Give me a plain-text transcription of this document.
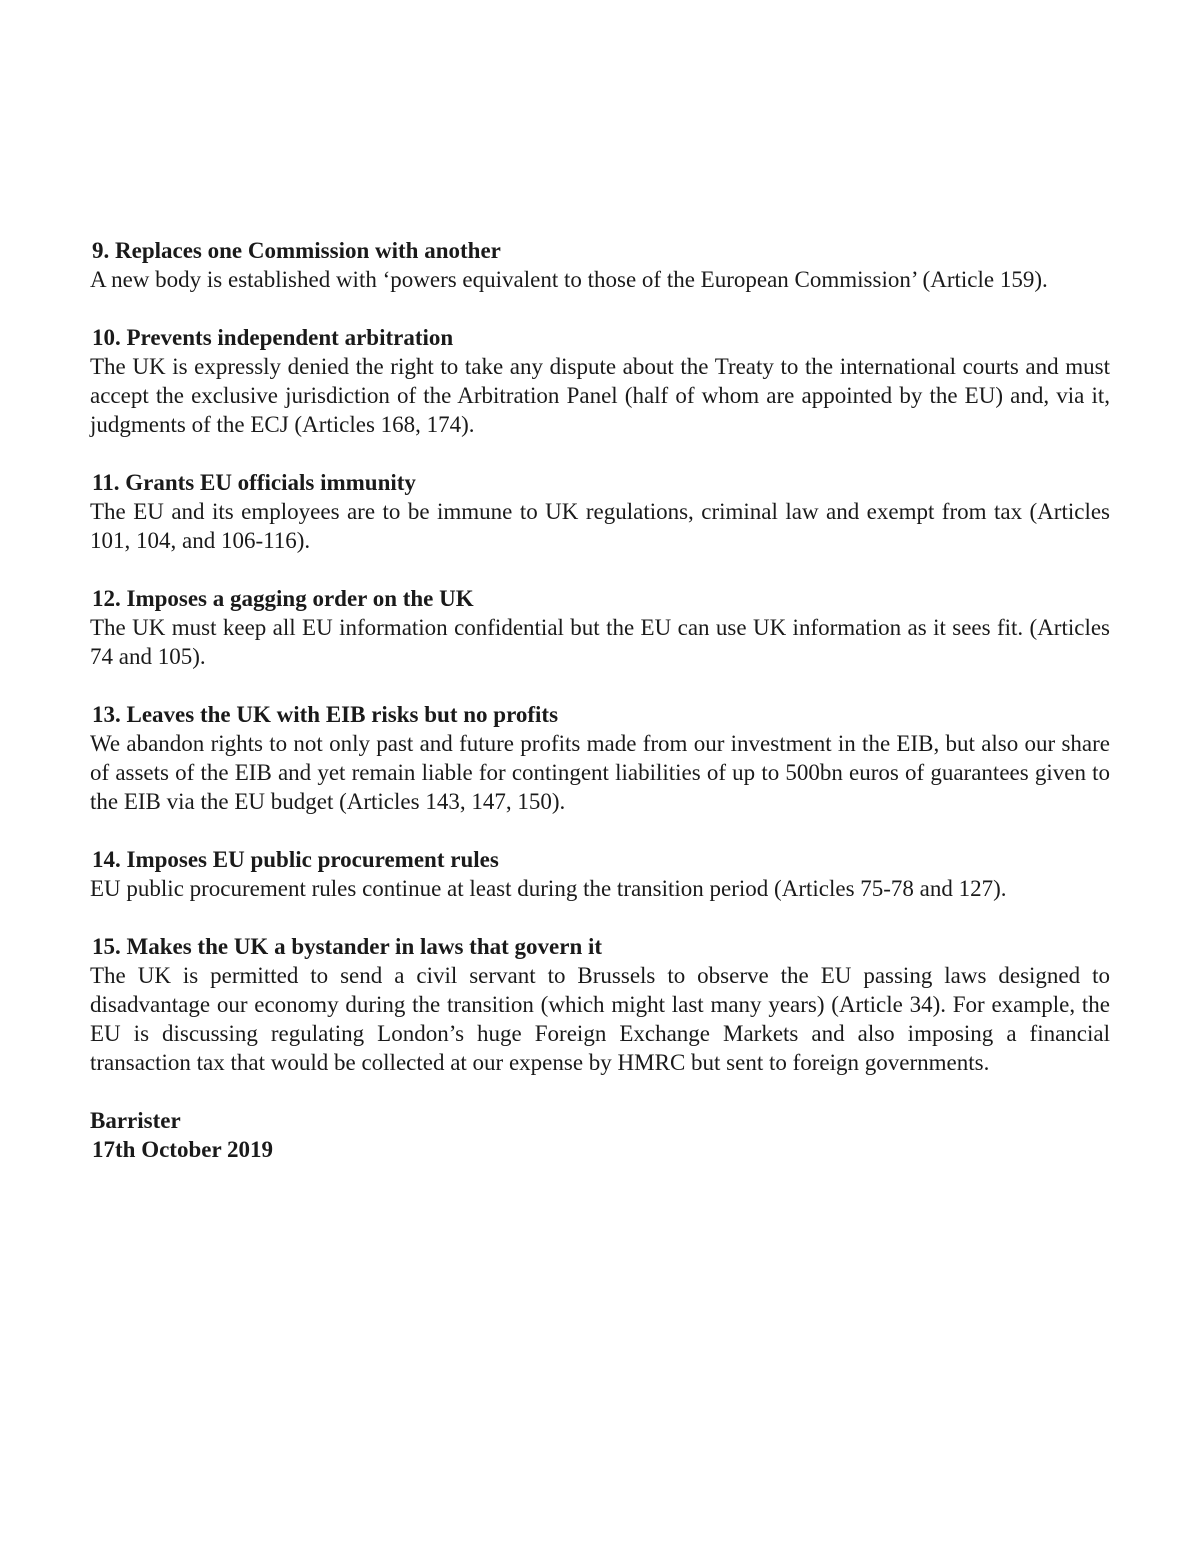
9. Replaces one Commission with another

A new body is established with ‘powers equivalent to those of the European Commission’ (Article 159).

10. Prevents independent arbitration

The UK is expressly denied the right to take any dispute about the Treaty to the international courts and must accept the exclusive jurisdiction of the Arbitration Panel (half of whom are appointed by the EU) and, via it, judgments of the ECJ (Articles 168, 174).

11. Grants EU officials immunity

The EU and its employees are to be immune to UK regulations, criminal law and exempt from tax (Articles 101, 104, and 106-116).

12. Imposes a gagging order on the UK

The UK must keep all EU information confidential but the EU can use UK information as it sees fit. (Articles 74 and 105).

13. Leaves the UK with EIB risks but no profits

We abandon rights to not only past and future profits made from our investment in the EIB, but also our share of assets of the EIB and yet remain liable for contingent liabilities of up to 500bn euros of guarantees given to the EIB via the EU budget (Articles 143, 147, 150).

14. Imposes EU public procurement rules

EU public procurement rules continue at least during the transition period (Articles 75-78 and 127).

15. Makes the UK a bystander in laws that govern it

The UK is permitted to send a civil servant to Brussels to observe the EU passing laws designed to disadvantage our economy during the transition (which might last many years) (Article 34). For example, the EU is discussing regulating London’s huge Foreign Exchange Markets and also imposing a financial transaction tax that would be collected at our expense by HMRC but sent to foreign governments.

Barrister
17th October 2019
